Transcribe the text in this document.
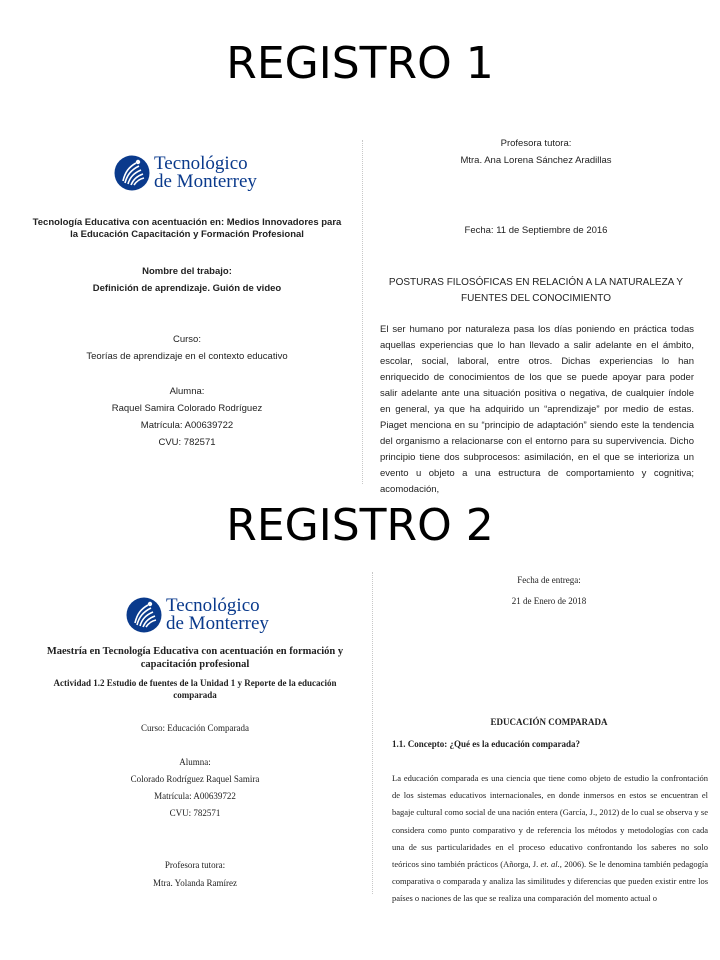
REGISTRO 1
Tecnológico
de Monterrey
Tecnología Educativa con acentuación en: Medios Innovadores para la Educación Capacitación y Formación Profesional
Nombre del trabajo:
Definición de aprendizaje. Guión de video
Curso:
Teorías de aprendizaje en el contexto educativo
Alumna:
Raquel Samira Colorado Rodríguez
Matrícula: A00639722
CVU: 782571
Profesora tutora:
Mtra. Ana Lorena Sánchez Aradillas
Fecha: 11 de Septiembre de 2016
POSTURAS FILOSÓFICAS EN RELACIÓN A LA NATURALEZA Y FUENTES DEL CONOCIMIENTO
El ser humano por naturaleza pasa los días poniendo en práctica todas aquellas experiencias que lo han llevado a salir adelante en el ámbito, escolar, social, laboral, entre otros. Dichas experiencias lo han enriquecido de conocimientos de los que se puede apoyar para poder salir adelante ante una situación positiva o negativa, de cualquier índole en general, ya que ha adquirido un “aprendizaje” por medio de estas. Piaget menciona en su “principio de adaptación” siendo este la tendencia del organismo a relacionarse con el entorno para su supervivencia. Dicho principio tiene dos subprocesos: asimilación, en el que se interioriza un evento u objeto a una estructura de comportamiento y cognitiva; acomodación,
REGISTRO 2
Tecnológico
de Monterrey
Maestría en Tecnología Educativa con acentuación en formación y capacitación profesional
Actividad 1.2 Estudio de fuentes de la Unidad 1 y Reporte de la educación comparada
Curso: Educación Comparada
Alumna:
Colorado Rodríguez Raquel Samira
Matrícula: A00639722
CVU: 782571
Profesora tutora:
Mtra. Yolanda Ramírez
Fecha de entrega:
21 de Enero de 2018
EDUCACIÓN COMPARADA
1.1. Concepto: ¿Qué es la educación comparada?
La educación comparada es una ciencia que tiene como objeto de estudio la confrontación de los sistemas educativos internacionales, en donde inmersos en estos se encuentran el bagaje cultural como social de una nación entera (García, J., 2012) de lo cual se observa y se considera como punto comparativo y de referencia los métodos y metodologías con cada una de sus particularidades en el proceso educativo confrontando los saberes no solo teóricos sino también prácticos (Añorga, J. et. al., 2006). Se le denomina también pedagogía comparativa o comparada y analiza las similitudes y diferencias que pueden existir entre los países o naciones de las que se realiza una comparación del momento actual o
